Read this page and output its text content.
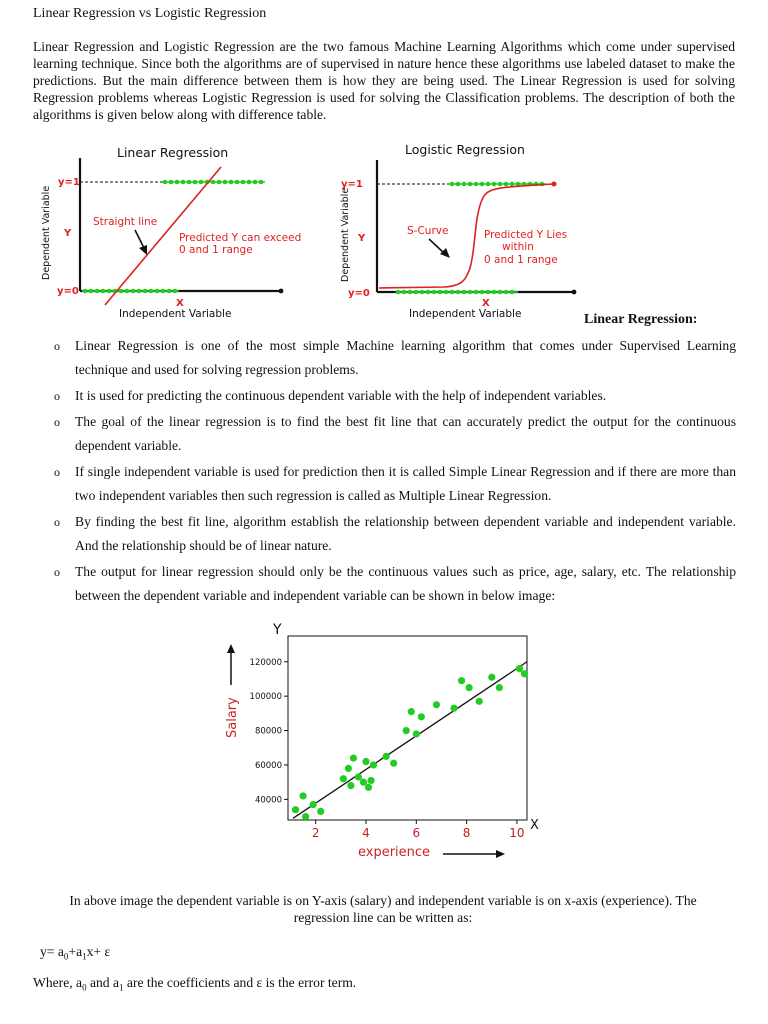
Linear Regression vs Logistic Regression
Linear Regression and Logistic Regression are the two famous Machine Learning Algorithms which come under supervised learning technique. Since both the algorithms are of supervised in nature hence these algorithms use labeled dataset to make the predictions. But the main difference between them is how they are being used. The Linear Regression is used for solving Regression problems whereas Logistic Regression is used for solving the Classification problems. The description of both the algorithms is given below along with difference table.
Linear Regression
y=1
y=0
Y
X
Dependent Variable
Independent Variable
Straight line
Predicted Y can exceed
0 and 1 range
Logistic Regression
y=1
y=0
Y
X
Dependent Variable
Independent Variable
S-Curve	Predicted Y Lies
within
0 and 1 range
Linear Regression:
o Linear Regression is one of the most simple Machine learning algorithm that comes under Supervised Learning technique and used for solving regression problems.
o It is used for predicting the continuous dependent variable with the help of independent variables.
o The goal of the linear regression is to find the best fit line that can accurately predict the output for the continuous dependent variable.
o If single independent variable is used for prediction then it is called Simple Linear Regression and if there are more than two independent variables then such regression is called as Multiple Linear Regression.
o By finding the best fit line, algorithm establish the relationship between dependent variable and independent variable. And the relationship should be of linear nature.
o The output for linear regression should only be the continuous values such as price, age, salary, etc. The relationship between the dependent variable and independent variable can be shown in below image:
40000
60000
80000
100000
120000
2	4	6	8	10
Y
X
Salary
experience
In above image the dependent variable is on Y-axis (salary) and independent variable is on x-axis (experience). The regression line can be written as:
$y= a_0+a_1x+ \varepsilon$
Where, $a_0$ and $a_1$ are the coefficients and ε is the error term.
